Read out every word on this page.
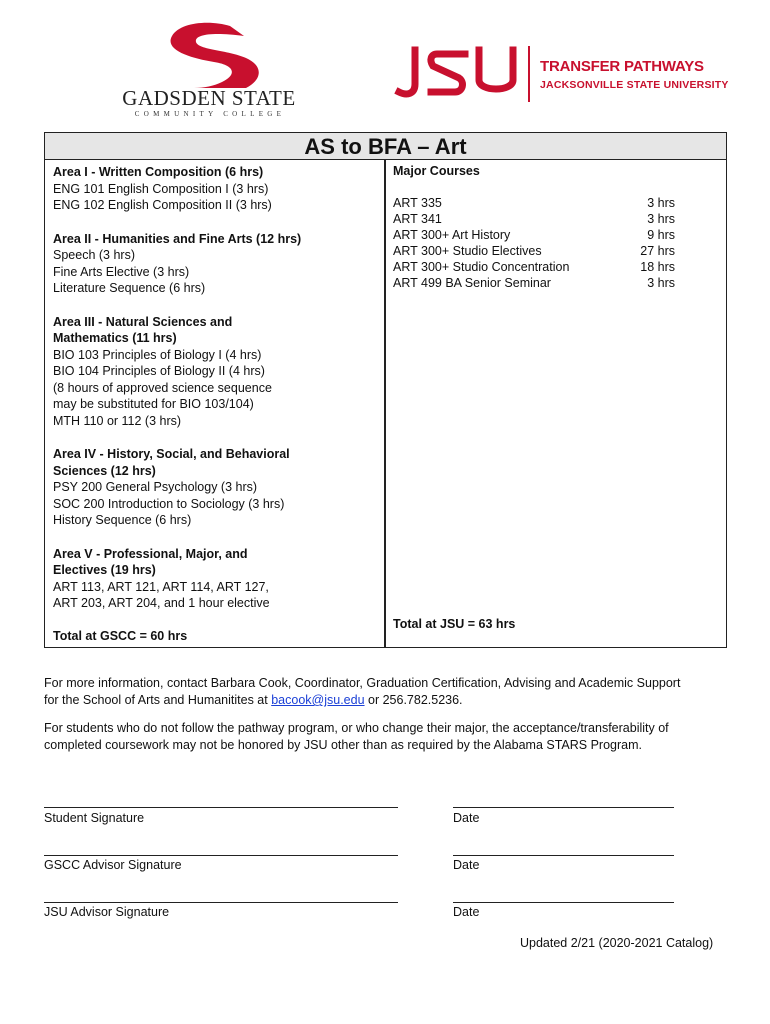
GADSDEN STATE
COMMUNITY COLLEGE
TRANSFER PATHWAYS
JACKSONVILLE STATE UNIVERSITY
AS to BFA – Art
Area I - Written Composition (6 hrs)
ENG 101 English Composition I (3 hrs)
ENG 102 English Composition II (3 hrs)
Area II - Humanities and Fine Arts (12 hrs)
Speech (3 hrs)
Fine Arts Elective (3 hrs)
Literature Sequence (6 hrs)
Area III - Natural Sciences and
Mathematics (11 hrs)
BIO 103 Principles of Biology I (4 hrs)
BIO 104 Principles of Biology II (4 hrs)
(8 hours of approved science sequence
may be substituted for BIO 103/104)
MTH 110 or 112 (3 hrs)
Area IV - History, Social, and Behavioral
Sciences (12 hrs)
PSY 200 General Psychology (3 hrs)
SOC 200 Introduction to Sociology (3 hrs)
History Sequence (6 hrs)
Area V - Professional, Major, and
Electives (19 hrs)
ART 113, ART 121, ART 114, ART 127,
ART 203, ART 204, and 1 hour elective
Total at GSCC = 60 hrs
Major Courses
ART 335	3 hrs
ART 341	3 hrs
ART 300+ Art History	9 hrs
ART 300+ Studio Electives	27 hrs
ART 300+ Studio Concentration	18 hrs
ART 499 BA Senior Seminar	3 hrs
Total at JSU = 63 hrs
For more information, contact Barbara Cook, Coordinator, Graduation Certification, Advising and Academic Support
for the School of Arts and Humanitites at bacook@jsu.edu or 256.782.5236.
For students who do not follow the pathway program, or who change their major, the acceptance/transferability of
completed coursework may not be honored by JSU other than as required by the Alabama STARS Program.
Student Signature	Date
GSCC Advisor Signature	Date
JSU Advisor Signature	Date
Updated 2/21 (2020-2021 Catalog)
